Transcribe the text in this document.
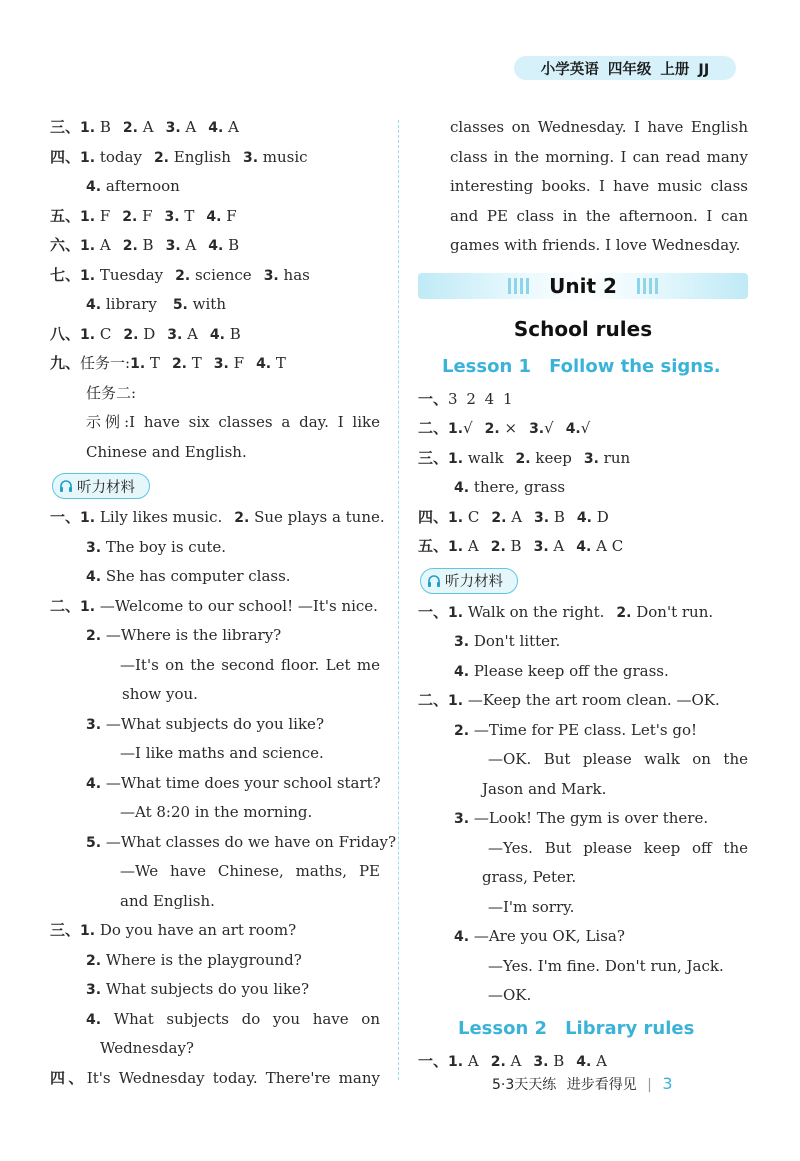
小学英语 四年级 上册 JJ
三、1. B 2. A 3. A 4. A
四、1. today 2. English 3. music
4. afternoon
五、1. F 2. F 3. T 4. F
六、1. A 2. B 3. A 4. B
七、1. Tuesday 2. science 3. has
4. library 5. with
八、1. C 2. D 3. A 4. B
九、任务一:1. T 2. T 3. F 4. T
任务二:
示例:I have six classes a day. I like
Chinese and English.
听力材料
一、1. Lily likes music. 2. Sue plays a tune.
3. The boy is cute.
4. She has computer class.
二、1. —Welcome to our school! —It's nice.
2. —Where is the library?
—It's on the second floor. Let me
show you.
3. —What subjects do you like?
—I like maths and science.
4. —What time does your school start?
—At 8:20 in the morning.
5. —What classes do we have on Friday?
—We have Chinese, maths, PE
and English.
三、1. Do you have an art room?
2. Where is the playground?
3. What subjects do you like?
4. What subjects do you have on
Wednesday?
四、It's Wednesday today. There're many
classes on Wednesday. I have English
class in the morning. I can read many
interesting books. I have music class
and PE class in the afternoon. I can
games with friends. I love Wednesday.
Unit 2
School rules
Lesson 1 Follow the signs.
一、3 2 4 1
二、1.√ 2. × 3.√ 4.√
三、1. walk 2. keep 3. run
4. there, grass
四、1. C 2. A 3. B 4. D
五、1. A 2. B 3. A 4. A C
听力材料
一、1. Walk on the right. 2. Don't run.
3. Don't litter.
4. Please keep off the grass.
二、1. —Keep the art room clean. —OK.
2. —Time for PE class. Let's go!
—OK. But please walk on the
Jason and Mark.
3. —Look! The gym is over there.
—Yes. But please keep off the
grass, Peter.
—I'm sorry.
4. —Are you OK, Lisa?
—Yes. I'm fine. Don't run, Jack.
—OK.
Lesson 2 Library rules
一、1. A 2. A 3. B 4. A
5·3天天练 进步看得见 | 3
